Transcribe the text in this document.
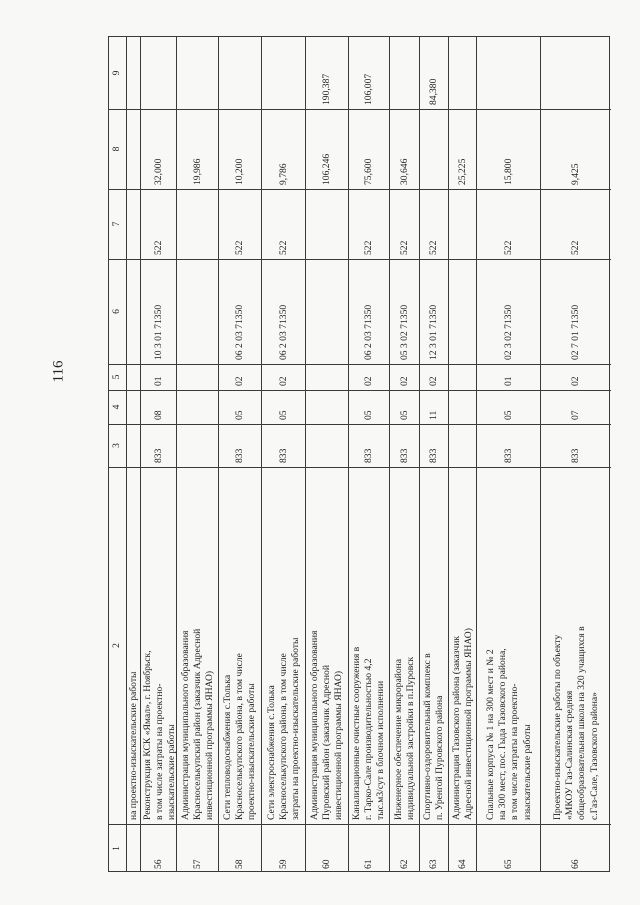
116
1
2
3
4
5
6
7
8
9
на проектно-изыскательские работы
56
Реконструкция КСК «Ямал», г. Ноябрьск, в том числе затраты на проектно- изыскательские работы
833
08
01
10 3 01 71350
522
32,000
57
Администрация муниципального образования Красноселькупский район (заказчик Адресной инвестиционной программы ЯНАО)
19,986
58
Сети тепловодоснабжения с.Толька Красноселькупского района, в том числе проектно-изыскательские работы
833
05
02
06 2 03 71350
522
10,200
59
Сети электроснабжения с.Толька Красноселькупского района, в том числе затраты на проектно-изыскательские работы
833
05
02
06 2 03 71350
522
9,786
60
Администрация муниципального образования Пуровский район (заказчик Адресной инвестиционной программы ЯНАО)
106,246
190,387
61
Канализационные очистные сооружения в г. Тарко-Сале производительностью 4,2 тыс.м3/сут в блочном исполнении
833
05
02
06 2 03 71350
522
75,600
106,007
62
Инженерное обеспечение микрорайона индивидуальной застройки в п.Пуровск
833
05
02
05 3 02 71350
522
30,646
63
Спортивно-оздоровительный комплекс в п. Уренгой Пуровского района
833
11
02
12 3 01 71350
522
84,380
64
Администрация Тазовского района (заказчик Адресной инвестиционной программы ЯНАО)
25,225
65
Спальные корпуса № 1 на 300 мест и № 2 на 300 мест, пос. Гыда Тазовского района, в том числе затраты на проектно- изыскательские работы
833
05
01
02 3 02 71350
522
15,800
66
Проектно-изыскательские работы по объекту «МКОУ Газ-Салинская средняя общеобразовательная школа на 320 учащихся в с.Газ-Сале, Тазовского района»
833
07
02
02 7 01 71350
522
9,425
